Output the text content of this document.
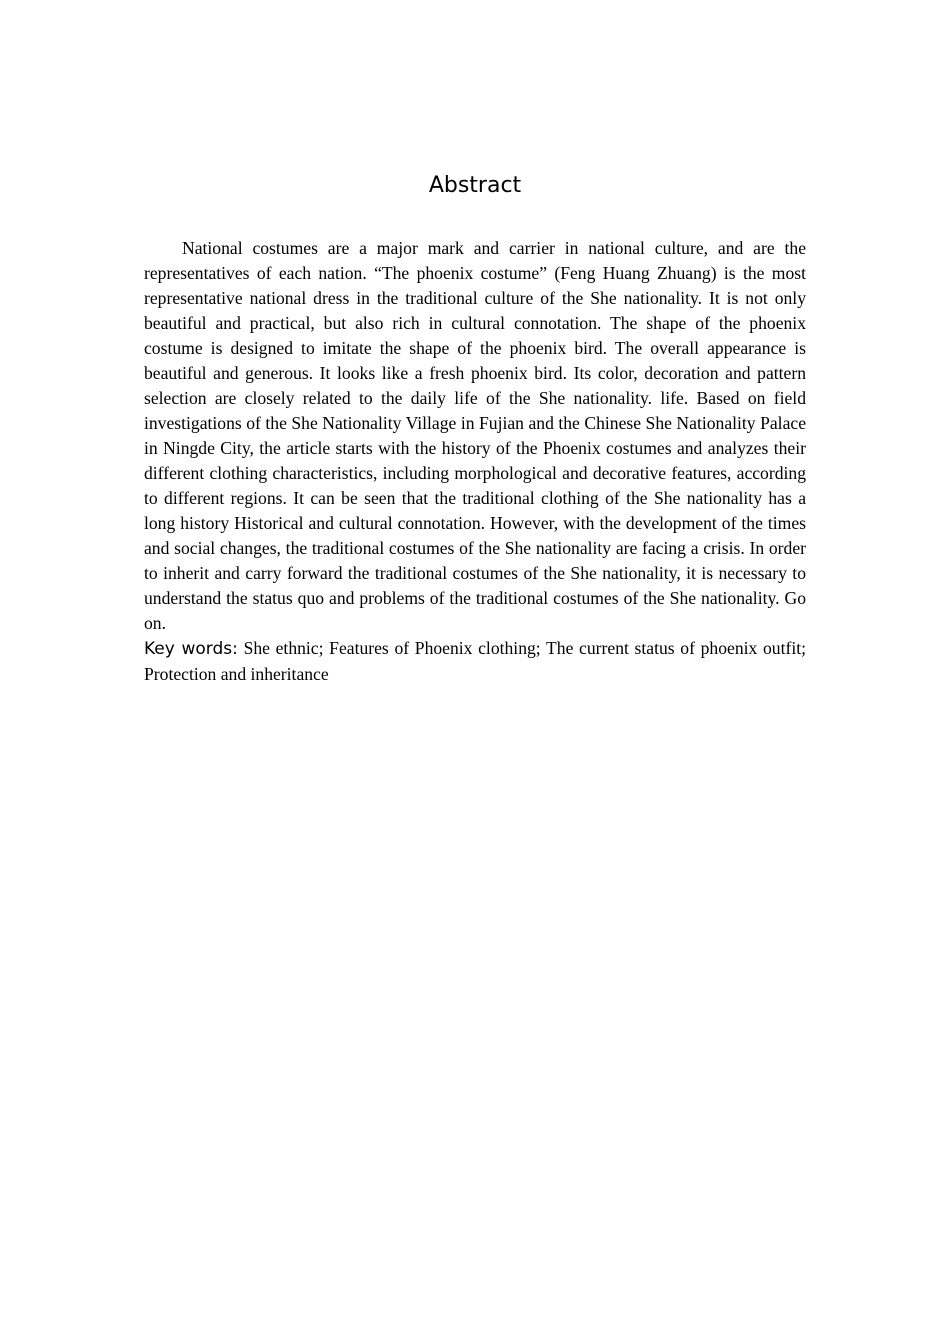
Abstract

National costumes are a major mark and carrier in national culture, and are the representatives of each nation. “The phoenix costume” (Feng Huang Zhuang) is the most representative national dress in the traditional culture of the She nationality. It is not only beautiful and practical, but also rich in cultural connotation. The shape of the phoenix costume is designed to imitate the shape of the phoenix bird. The overall appearance is beautiful and generous. It looks like a fresh phoenix bird. Its color, decoration and pattern selection are closely related to the daily life of the She nationality. life. Based on field investigations of the She Nationality Village in Fujian and the Chinese She Nationality Palace in Ningde City, the article starts with the history of the Phoenix costumes and analyzes their different clothing characteristics, including morphological and decorative features, according to different regions. It can be seen that the traditional clothing of the She nationality has a long history Historical and cultural connotation. However, with the development of the times and social changes, the traditional costumes of the She nationality are facing a crisis. In order to inherit and carry forward the traditional costumes of the She nationality, it is necessary to understand the status quo and problems of the traditional costumes of the She nationality. Go on.

Key words: She ethnic; Features of Phoenix clothing; The current status of phoenix outfit; Protection and inheritance
